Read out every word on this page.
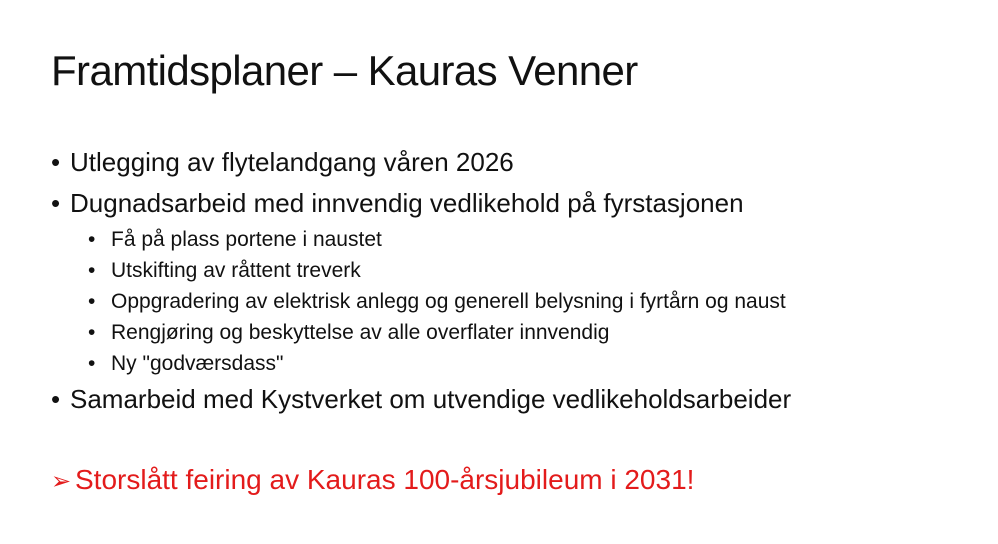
Framtidsplaner – Kauras Venner
• Utlegging av flytelandgang våren 2026
• Dugnadsarbeid med innvendig vedlikehold på fyrstasjonen
• Få på plass portene i naustet
• Utskifting av råttent treverk
• Oppgradering av elektrisk anlegg og generell belysning i fyrtårn og naust
• Rengjøring og beskyttelse av alle overflater innvendig
• Ny "godværsdass"
• Samarbeid med Kystverket om utvendige vedlikeholdsarbeider
➢ Storslått feiring av Kauras 100-årsjubileum i 2031!
